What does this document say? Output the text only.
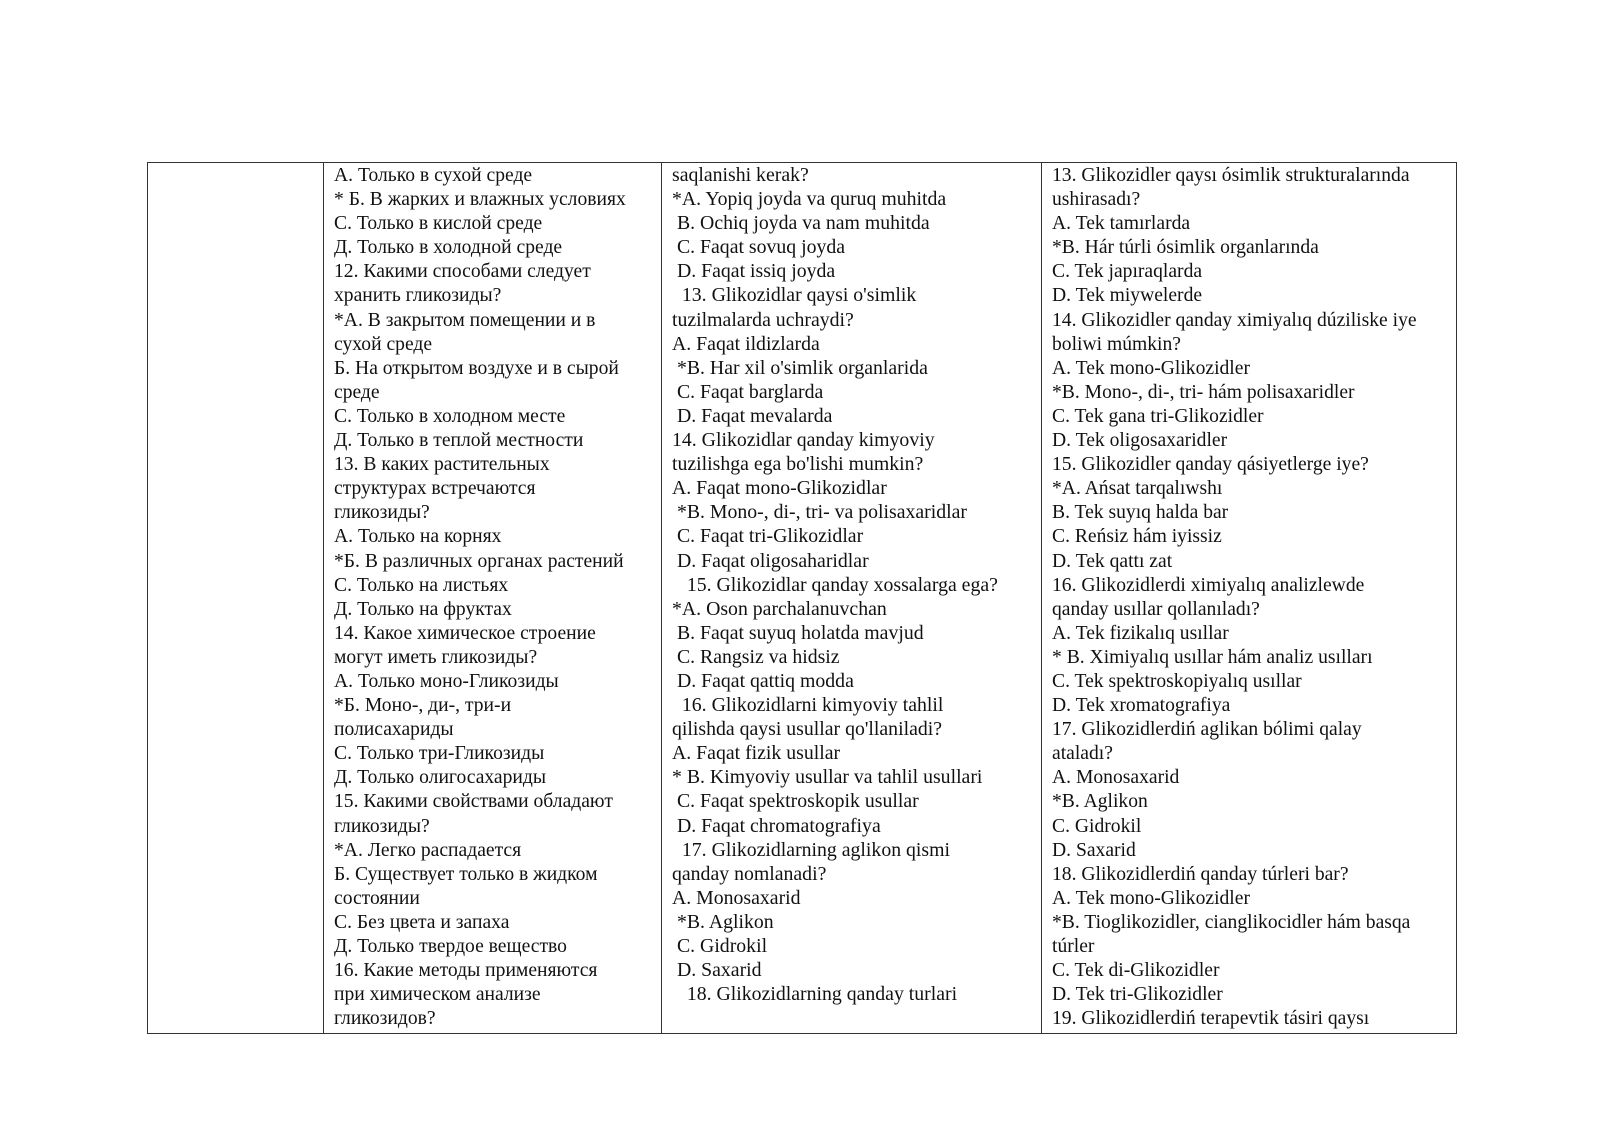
А. Только в сухой среде
* Б. В жарких и влажных условиях
С. Только в кислой среде
Д. Только в холодной среде
12. Какими способами следует
хранить гликозиды?
*А. В закрытом помещении и в
сухой среде
Б. На открытом воздухе и в сырой
среде
С. Только в холодном месте
Д. Только в теплой местности
13. В каких растительных
структурах встречаются
гликозиды?
А. Только на корнях
*Б. В различных органах растений
С. Только на листьях
Д. Только на фруктах
14. Какое химическое строение
могут иметь гликозиды?
А. Только моно-Гликозиды
*Б. Моно-, ди-, три-и
полисахариды
С. Только три-Гликозиды
Д. Только олигосахариды
15. Какими свойствами обладают
гликозиды?
*А. Легко распадается
Б. Существует только в жидком
состоянии
С. Без цвета и запаха
Д. Только твердое вещество
16. Какие методы применяются
при химическом анализе
гликозидов?
saqlanishi kerak?
*A. Yopiq joyda va quruq muhitda
B. Ochiq joyda va nam muhitda
C. Faqat sovuq joyda
D. Faqat issiq joyda
13. Glikozidlar qaysi o'simlik
tuzilmalarda uchraydi?
A. Faqat ildizlarda
*B. Har xil o'simlik organlarida
C. Faqat barglarda
D. Faqat mevalarda
14. Glikozidlar qanday kimyoviy
tuzilishga ega bo'lishi mumkin?
A. Faqat mono-Glikozidlar
*B. Mono-, di-, tri- va polisaxaridlar
C. Faqat tri-Glikozidlar
D. Faqat oligosaharidlar
15. Glikozidlar qanday xossalarga ega?
*A. Oson parchalanuvchan
B. Faqat suyuq holatda mavjud
C. Rangsiz va hidsiz
D. Faqat qattiq modda
16. Glikozidlarni kimyoviy tahlil
qilishda qaysi usullar qo'llaniladi?
A. Faqat fizik usullar
* B. Kimyoviy usullar va tahlil usullari
C. Faqat spektroskopik usullar
D. Faqat chromatografiya
17. Glikozidlarning aglikon qismi
qanday nomlanadi?
A. Monosaxarid
*B. Aglikon
C. Gidrokil
D. Saxarid
18. Glikozidlarning qanday turlari
13. Glikozidler qaysı ósimlik strukturalarında
ushirasadı?
A. Tek tamırlarda
*B. Hár túrli ósimlik organlarında
C. Tek japıraqlarda
D. Tek miywelerde
14. Glikozidler qanday ximiyalıq dúziliske iye
boliwi múmkin?
A. Tek mono-Glikozidler
*B. Mono-, di-, tri- hám polisaxaridler
C. Tek gana tri-Glikozidler
D. Tek oligosaxaridler
15. Glikozidler qanday qásiyetlerge iye?
*A. Ańsat tarqalıwshı
B. Tek suyıq halda bar
C. Reńsiz hám iyissiz
D. Tek qattı zat
16. Glikozidlerdi ximiyalıq analizlewde
qanday usıllar qollanıladı?
A. Tek fizikalıq usıllar
* B. Ximiyalıq usıllar hám analiz usılları
C. Tek spektroskopiyalıq usıllar
D. Tek xromatografiya
17. Glikozidlerdiń aglikan bólimi qalay
ataladı?
A. Monosaxarid
*B. Aglikon
C. Gidrokil
D. Saxarid
18. Glikozidlerdiń qanday túrleri bar?
A. Tek mono-Glikozidler
*B. Tioglikozidler, cianglikocidler hám basqa
túrler
C. Tek di-Glikozidler
D. Tek tri-Glikozidler
19. Glikozidlerdiń terapevtik tásiri qaysı
